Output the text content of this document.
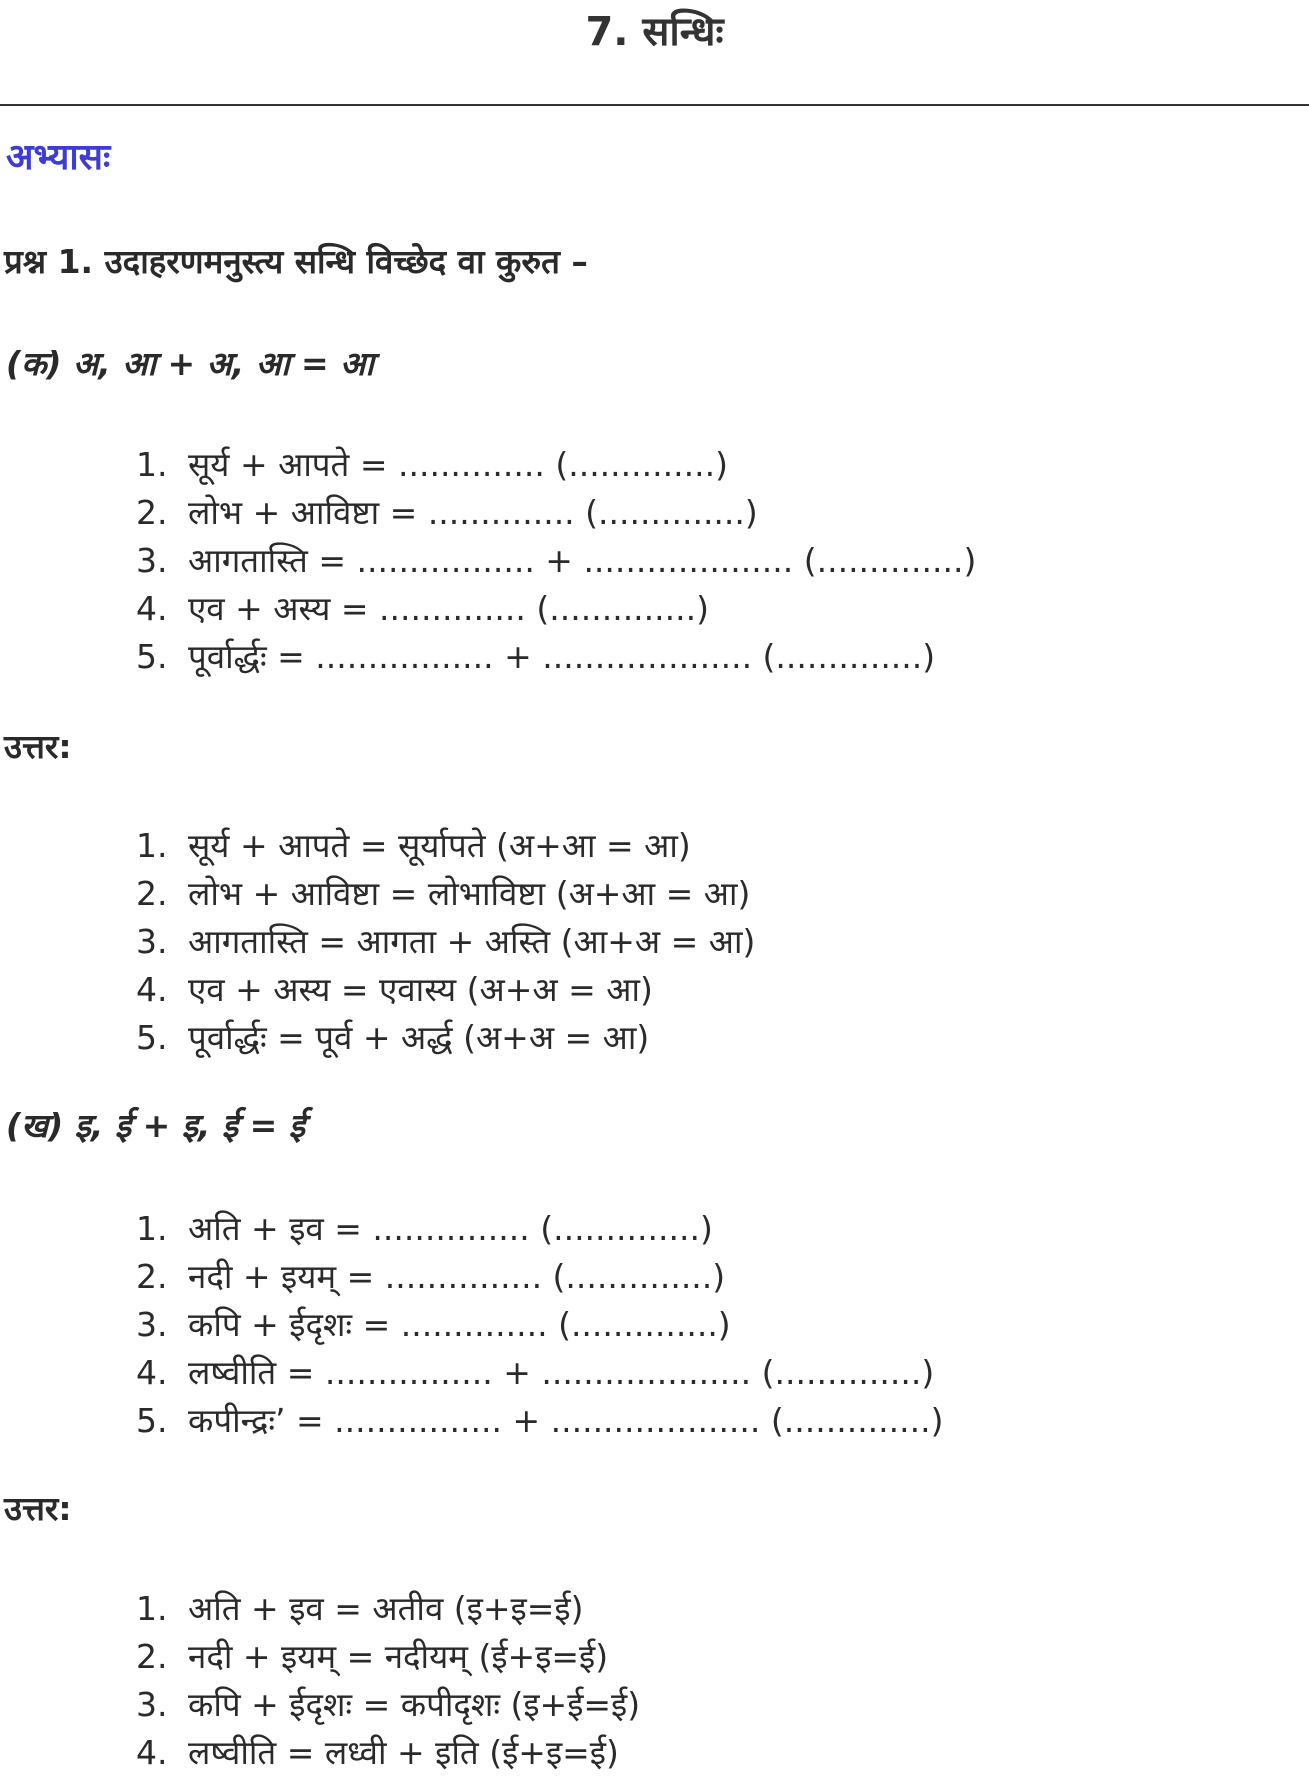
7. सन्धिः
अभ्यासः
प्रश्न 1. उदाहरणमनुस्त्य सन्धि विच्छेद वा कुरुत –
(क) अ, आ + अ, आ = आ
1. सूर्य + आपते = .............. (..............)
2. लोभ + आविष्टा = .............. (..............)
3. आगतास्ति = ................. + .................... (..............)
4. एव + अस्य = .............. (..............)
5. पूर्वार्द्धः = ................. + .................... (..............)
उत्तर:
1. सूर्य + आपते = सूर्यापते (अ+आ = आ)
2. लोभ + आविष्टा = लोभाविष्टा (अ+आ = आ)
3. आगतास्ति = आगता + अस्ति (आ+अ = आ)
4. एव + अस्य = एवास्य (अ+अ = आ)
5. पूर्वार्द्धः = पूर्व + अर्द्ध (अ+अ = आ)
(ख) इ, ई + इ, ई = ई
1. अति + इव = ............... (..............)
2. नदी + इयम् = ............... (..............)
3. कपि + ईदृशः = .............. (..............)
4. लष्वीति = ................ + .................... (..............)
5. कपीन्द्रः’ = ................ + .................... (..............)
उत्तर:
1. अति + इव = अतीव (इ+इ=ई)
2. नदी + इयम् = नदीयम् (ई+इ=ई)
3. कपि + ईदृशः = कपीदृशः (इ+ई=ई)
4. लष्वीति = लध्वी + इति (ई+इ=ई)
